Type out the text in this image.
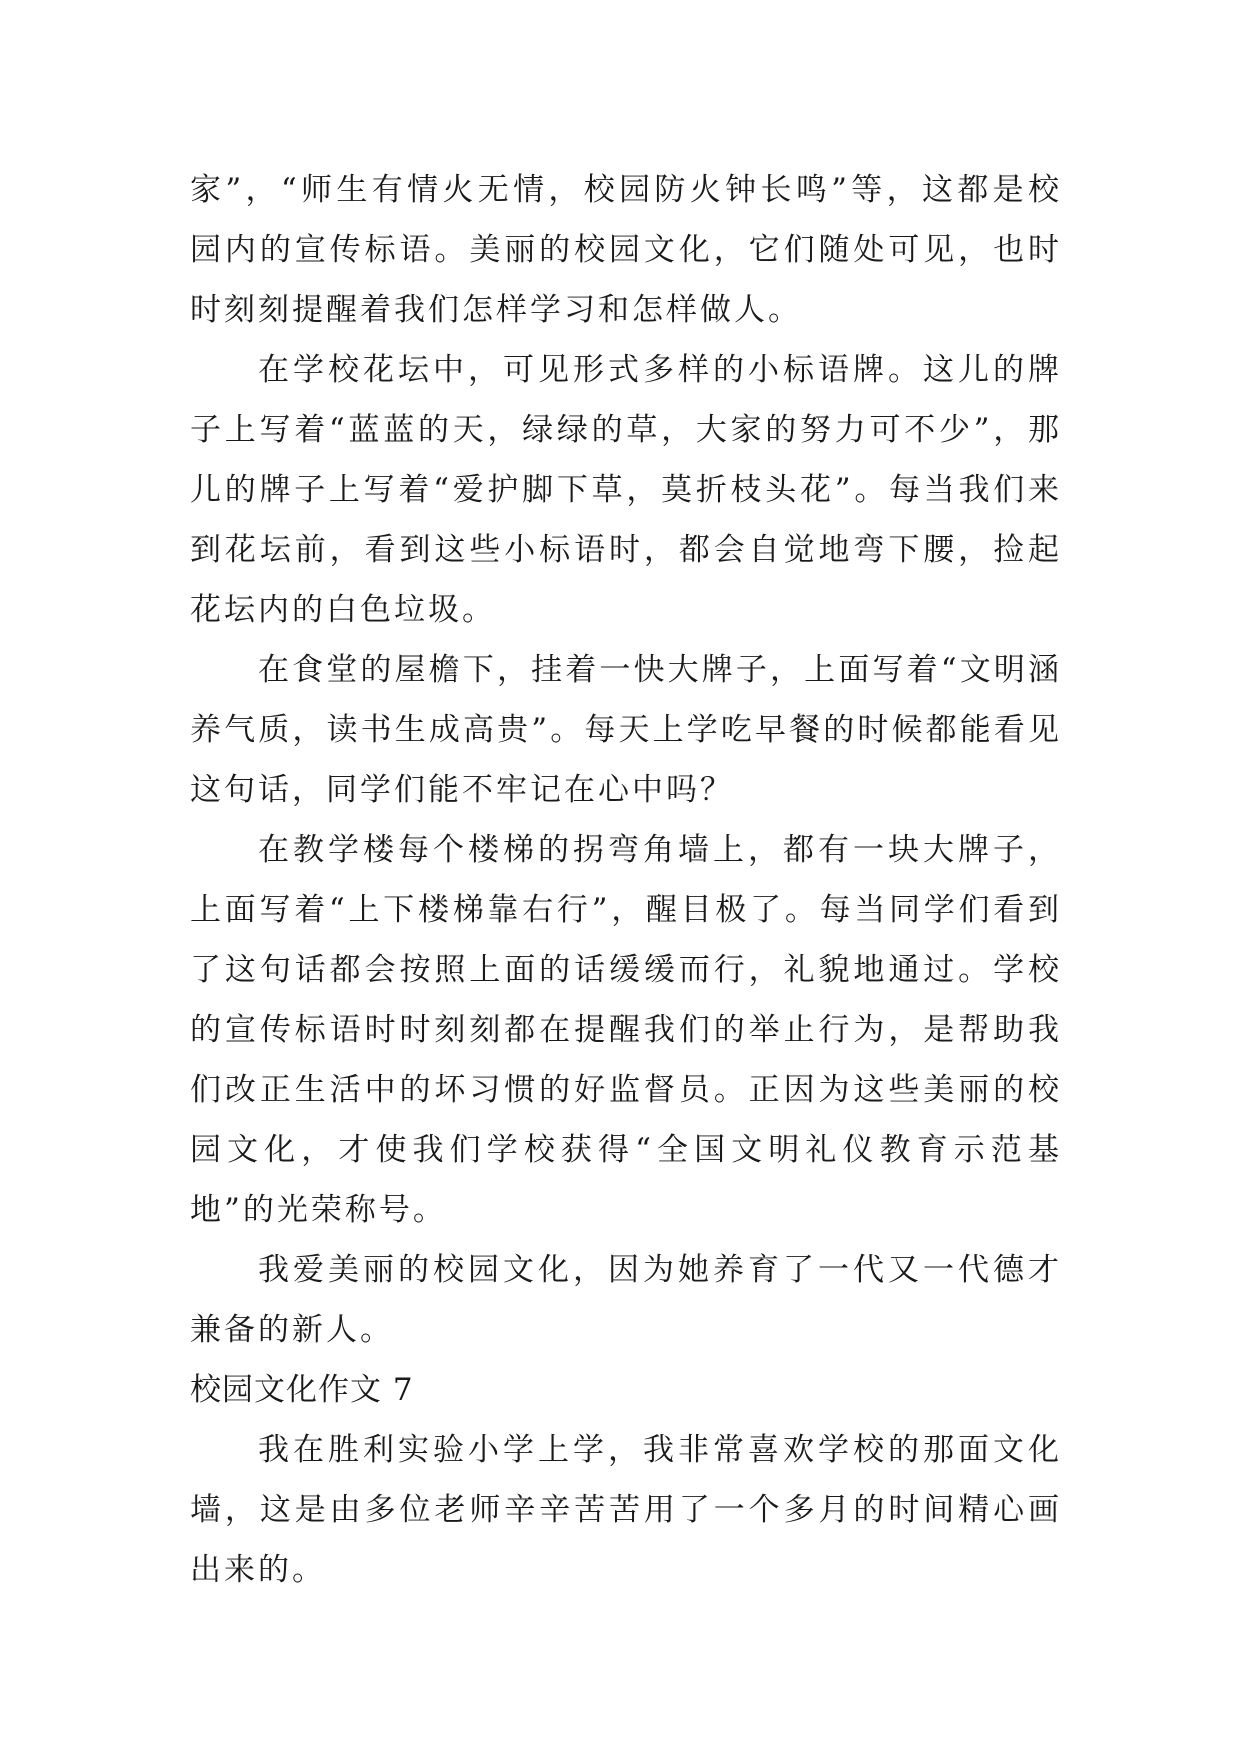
家”，“师生有情火无情，校园防火钟长鸣”等，这都是校园内的宣传标语。美丽的校园文化，它们随处可见，也时时刻刻提醒着我们怎样学习和怎样做人。

在学校花坛中，可见形式多样的小标语牌。这儿的牌子上写着“蓝蓝的天，绿绿的草，大家的努力可不少”，那儿的牌子上写着“爱护脚下草，莫折枝头花”。每当我们来到花坛前，看到这些小标语时，都会自觉地弯下腰，捡起花坛内的白色垃圾。

在食堂的屋檐下，挂着一快大牌子，上面写着“文明涵养气质，读书生成高贵”。每天上学吃早餐的时候都能看见这句话，同学们能不牢记在心中吗？

在教学楼每个楼梯的拐弯角墙上，都有一块大牌子，上面写着“上下楼梯靠右行”，醒目极了。每当同学们看到了这句话都会按照上面的话缓缓而行，礼貌地通过。学校的宣传标语时时刻刻都在提醒我们的举止行为，是帮助我们改正生活中的坏习惯的好监督员。正因为这些美丽的校园文化，才使我们学校获得“全国文明礼仪教育示范基地”的光荣称号。

我爱美丽的校园文化，因为她养育了一代又一代德才兼备的新人。

校园文化作文 7

我在胜利实验小学上学，我非常喜欢学校的那面文化墙，这是由多位老师辛辛苦苦用了一个多月的时间精心画出来的。
